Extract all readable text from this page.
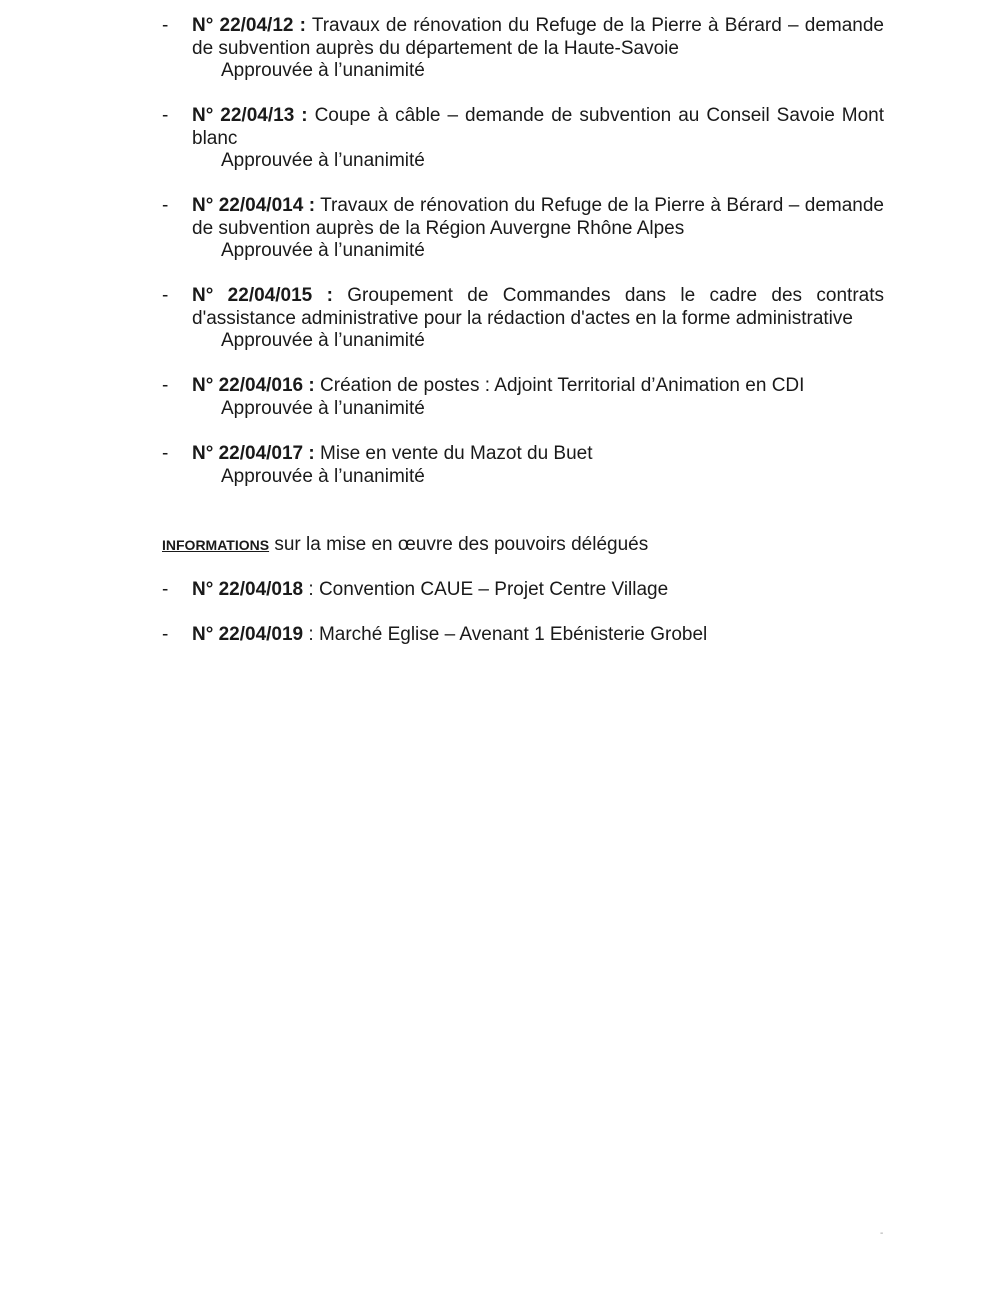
- N° 22/04/12 : Travaux de rénovation du Refuge de la Pierre à Bérard – demande de subvention auprès du département de la Haute-Savoie
Approuvée à l’unanimité
- N° 22/04/13 : Coupe à câble – demande de subvention au Conseil Savoie Mont blanc
Approuvée à l’unanimité
- N° 22/04/014 : Travaux de rénovation du Refuge de la Pierre à Bérard – demande de subvention auprès de la Région Auvergne Rhône Alpes
Approuvée à l’unanimité
- N° 22/04/015 : Groupement de Commandes dans le cadre des contrats d'assistance administrative pour la rédaction d'actes en la forme administrative
Approuvée à l’unanimité
- N° 22/04/016 : Création de postes : Adjoint Territorial d’Animation en CDI
Approuvée à l’unanimité
- N° 22/04/017 : Mise en vente du Mazot du Buet
Approuvée à l’unanimité
INFORMATIONS sur la mise en œuvre des pouvoirs délégués
- N° 22/04/018 : Convention CAUE – Projet Centre Village
- N° 22/04/019 : Marché Eglise – Avenant 1 Ebénisterie Grobel
-
